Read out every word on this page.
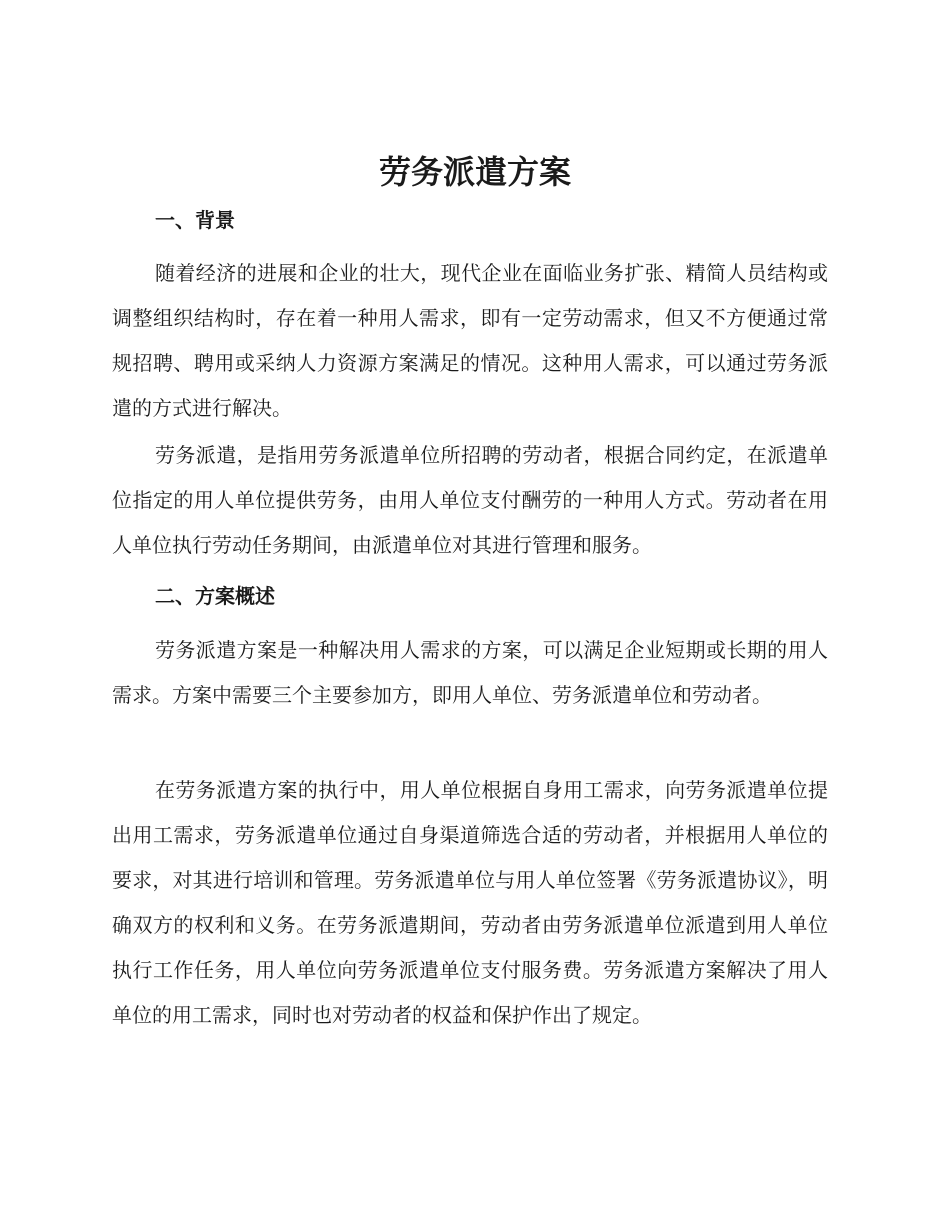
劳务派遣方案
一、背景

随着经济的进展和企业的壮大，现代企业在面临业务扩张、精简人员结构或调整组织结构时，存在着一种用人需求，即有一定劳动需求，但又不方便通过常规招聘、聘用或采纳人力资源方案满足的情况。这种用人需求，可以通过劳务派遣的方式进行解决。

劳务派遣，是指用劳务派遣单位所招聘的劳动者，根据合同约定，在派遣单位指定的用人单位提供劳务，由用人单位支付酬劳的一种用人方式。劳动者在用人单位执行劳动任务期间，由派遣单位对其进行管理和服务。

二、方案概述

劳务派遣方案是一种解决用人需求的方案，可以满足企业短期或长期的用人需求。方案中需要三个主要参加方，即用人单位、劳务派遣单位和劳动者。

在劳务派遣方案的执行中，用人单位根据自身用工需求，向劳务派遣单位提出用工需求，劳务派遣单位通过自身渠道筛选合适的劳动者，并根据用人单位的要求，对其进行培训和管理。劳务派遣单位与用人单位签署《劳务派遣协议》，明确双方的权利和义务。在劳务派遣期间，劳动者由劳务派遣单位派遣到用人单位执行工作任务，用人单位向劳务派遣单位支付服务费。劳务派遣方案解决了用人单位的用工需求，同时也对劳动者的权益和保护作出了规定。
